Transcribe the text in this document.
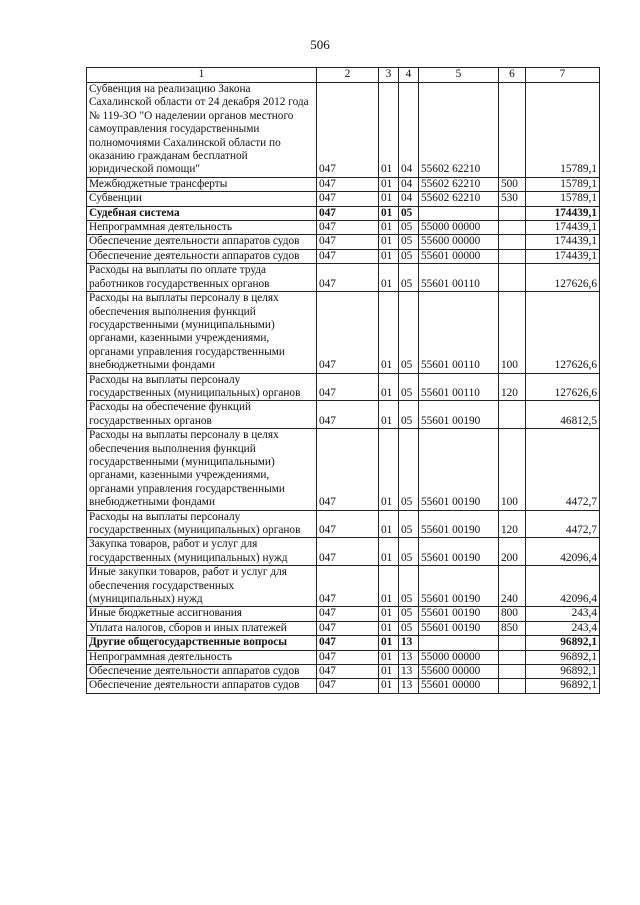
506
1	2	3	4	5	6	7
Субвенция на реализацию Закона Сахалинской области от 24 декабря 2012 года № 119-ЗО "О наделении органов местного самоуправления государственными полномочиями Сахалинской области по оказанию гражданам бесплатной юридической помощи"	047	01	04	55602 62210		15789,1
Межбюджетные трансферты	047	01	04	55602 62210	500	15789,1
Субвенции	047	01	04	55602 62210	530	15789,1
Судебная система	047	01	05			174439,1
Непрограммная деятельность	047	01	05	55000 00000		174439,1
Обеспечение деятельности аппаратов судов	047	01	05	55600 00000		174439,1
Обеспечение деятельности аппаратов судов	047	01	05	55601 00000		174439,1
Расходы на выплаты по оплате труда работников государственных органов	047	01	05	55601 00110		127626,6
Расходы на выплаты персоналу в целях обеспечения выполнения функций государственными (муниципальными) органами, казенными учреждениями, органами управления государственными внебюджетными фондами	047	01	05	55601 00110	100	127626,6
Расходы на выплаты персоналу государственных (муниципальных) органов	047	01	05	55601 00110	120	127626,6
Расходы на обеспечение функций государственных органов	047	01	05	55601 00190		46812,5
Расходы на выплаты персоналу в целях обеспечения выполнения функций государственными (муниципальными) органами, казенными учреждениями, органами управления государственными внебюджетными фондами	047	01	05	55601 00190	100	4472,7
Расходы на выплаты персоналу государственных (муниципальных) органов	047	01	05	55601 00190	120	4472,7
Закупка товаров, работ и услуг для государственных (муниципальных) нужд	047	01	05	55601 00190	200	42096,4
Иные закупки товаров, работ и услуг для обеспечения государственных (муниципальных) нужд	047	01	05	55601 00190	240	42096,4
Иные бюджетные ассигнования	047	01	05	55601 00190	800	243,4
Уплата налогов, сборов и иных платежей	047	01	05	55601 00190	850	243,4
Другие общегосударственные вопросы	047	01	13			96892,1
Непрограммная деятельность	047	01	13	55000 00000		96892,1
Обеспечение деятельности аппаратов судов	047	01	13	55600 00000		96892,1
Обеспечение деятельности аппаратов судов	047	01	13	55601 00000		96892,1
